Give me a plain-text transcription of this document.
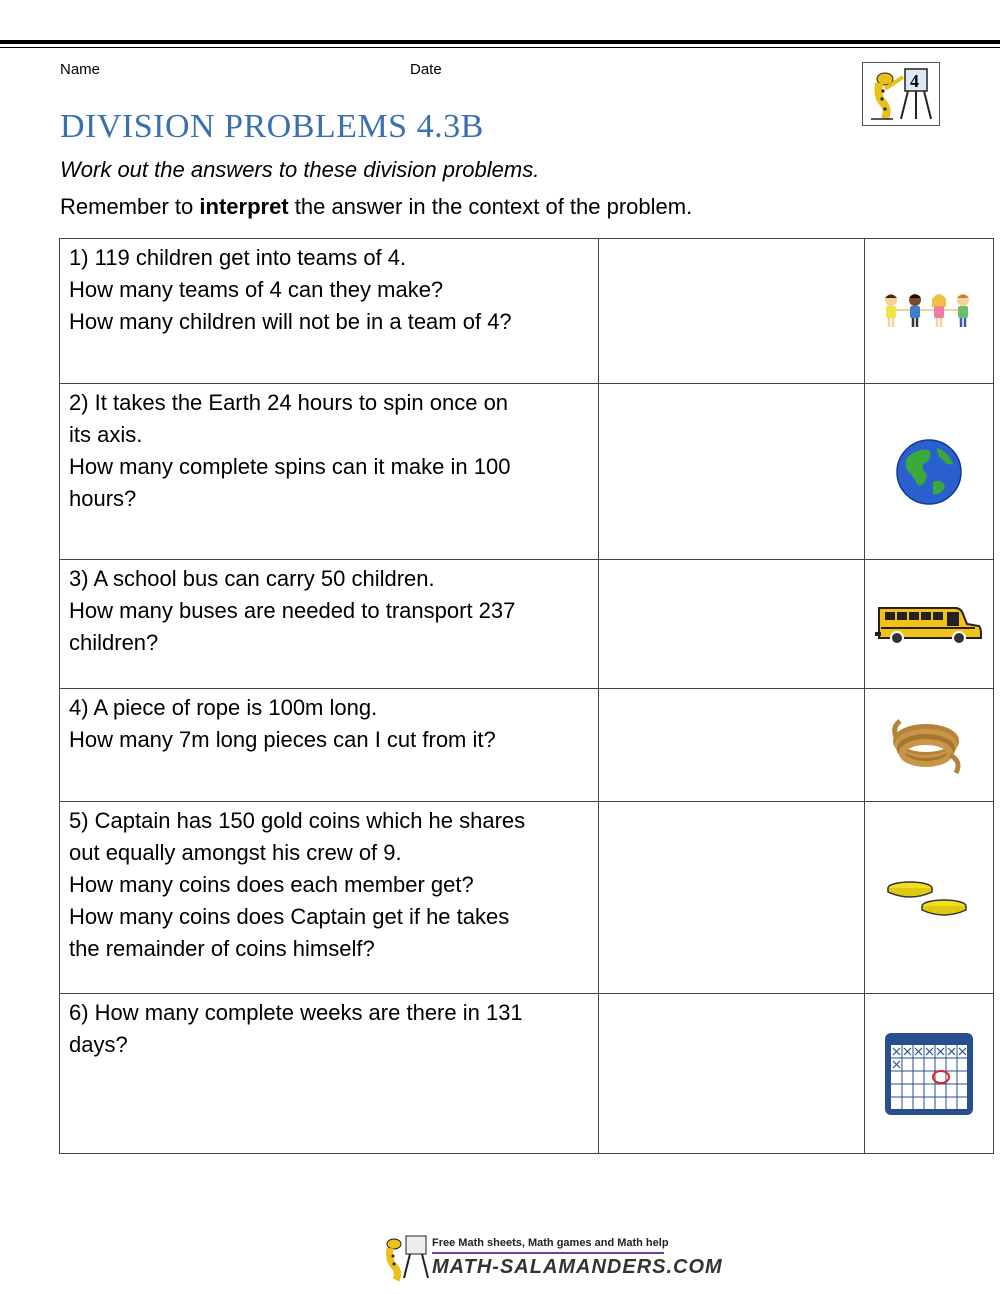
Name	Date
4
DIVISION PROBLEMS 4.3B
Work out the answers to these division problems.
Remember to interpret the answer in the context of the problem.
1) 119 children get into teams of 4.
How many teams of 4 can they make?
How many children will not be in a team of 4?

2) It takes the Earth 24 hours to spin once on
its axis.
How many complete spins can it make in 100
hours?

3) A school bus can carry 50 children.
How many buses are needed to transport 237
children?

4) A piece of rope is 100m long.
How many 7m long pieces can I cut from it?

5) Captain has 150 gold coins which he shares
out equally amongst his crew of 9.
How many coins does each member get?
How many coins does Captain get if he takes
the remainder of coins himself?

6) How many complete weeks are there in 131
days?

Free Math sheets, Math games and Math help
MATH-SALAMANDERS.COM
